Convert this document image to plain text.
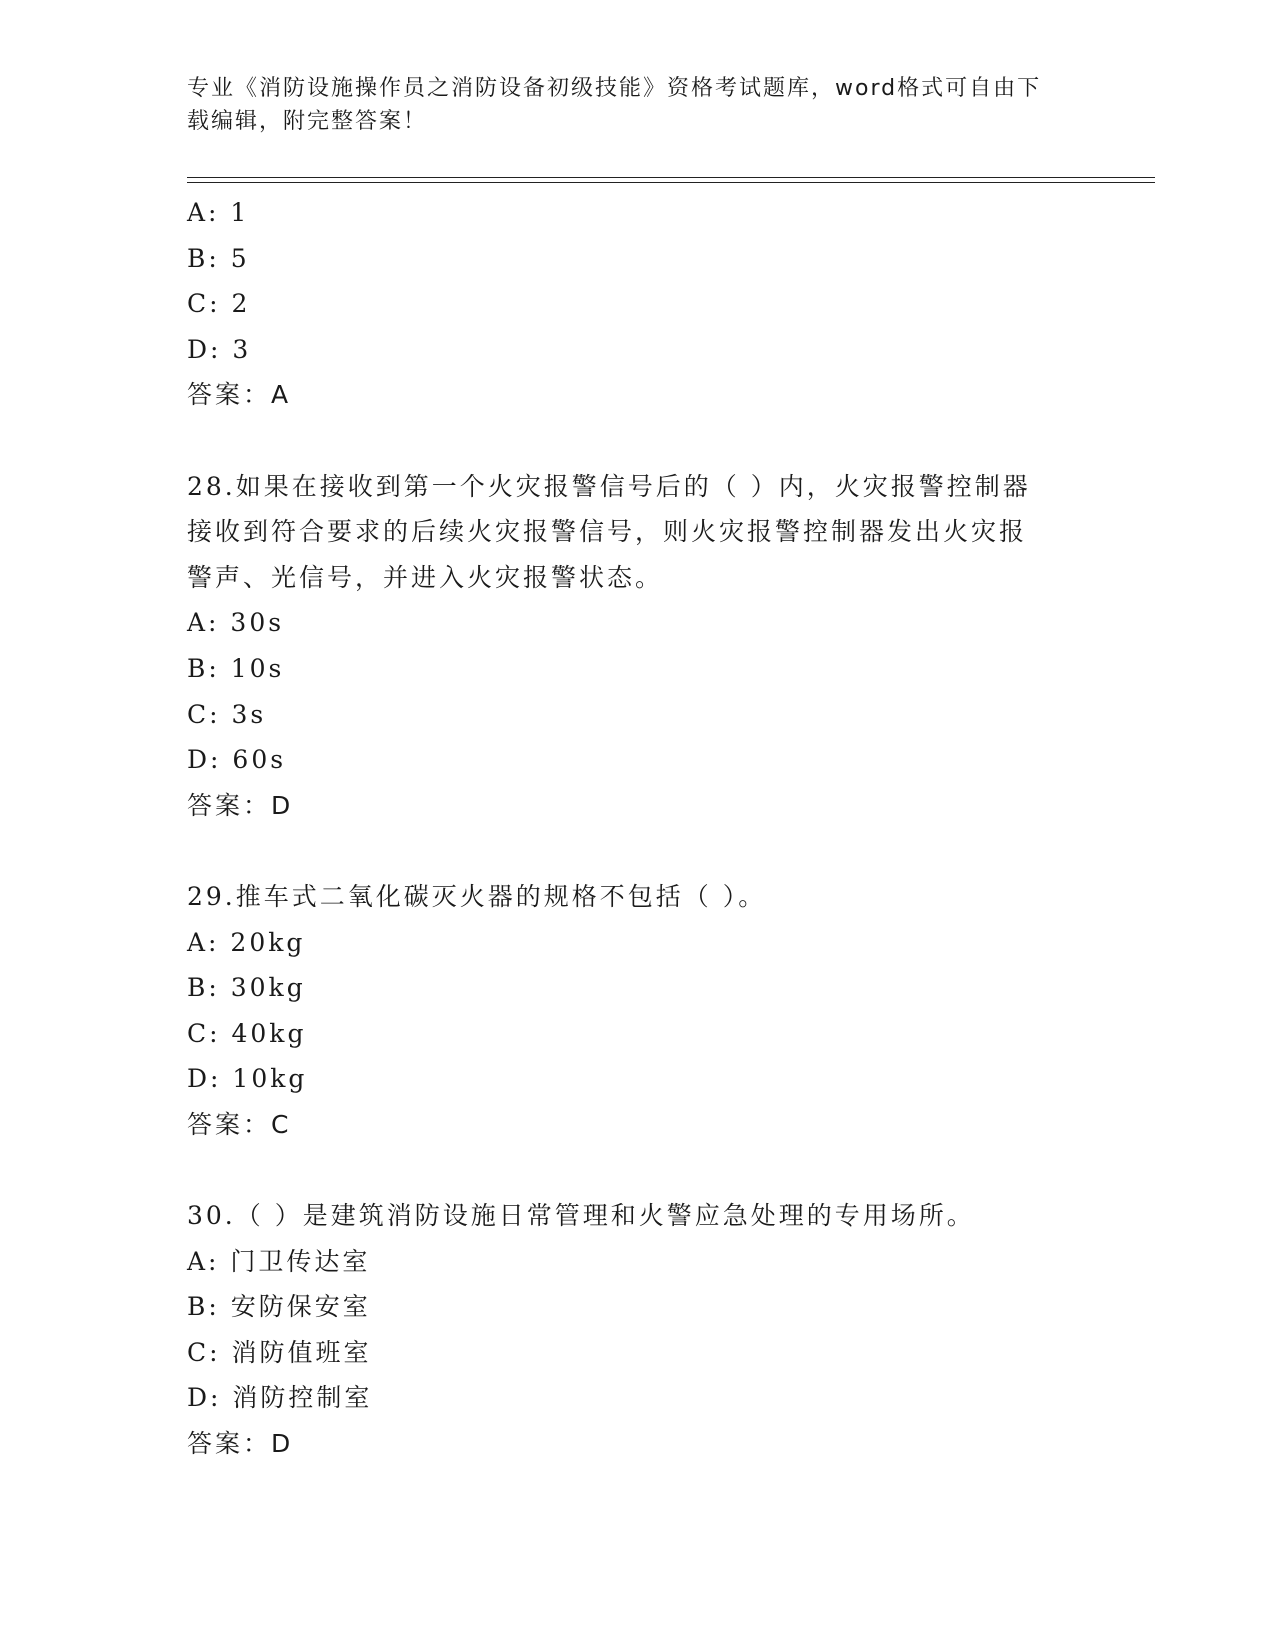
专业《消防设施操作员之消防设备初级技能》资格考试题库，word格式可自由下
载编辑，附完整答案！
A: 1
B: 5
C: 2
D: 3
答案：A
28.如果在接收到第一个火灾报警信号后的（ ）内，火灾报警控制器
接收到符合要求的后续火灾报警信号，则火灾报警控制器发出火灾报
警声、光信号，并进入火灾报警状态。
A: 30s
B: 10s
C: 3s
D: 60s
答案：D
29.推车式二氧化碳灭火器的规格不包括（ ）。
A: 20kg
B: 30kg
C: 40kg
D: 10kg
答案：C
30.（ ）是建筑消防设施日常管理和火警应急处理的专用场所。
A: 门卫传达室
B: 安防保安室
C: 消防值班室
D: 消防控制室
答案：D
